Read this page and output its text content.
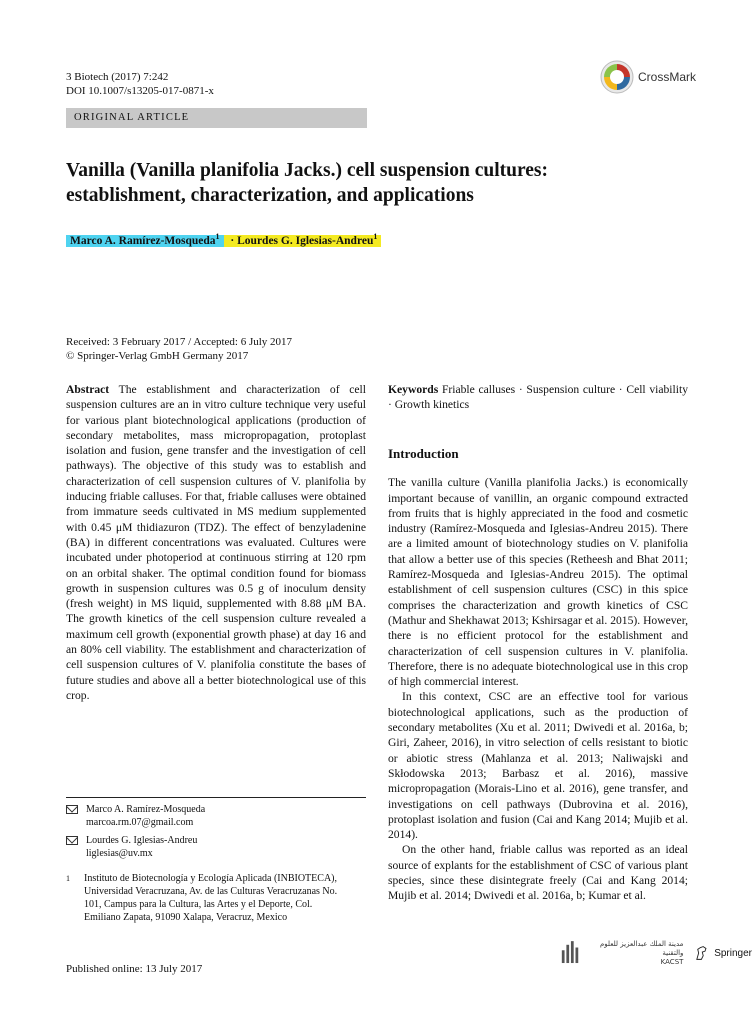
3 Biotech (2017) 7:242
DOI 10.1007/s13205-017-0871-x
CrossMark
ORIGINAL ARTICLE
Vanilla (Vanilla planifolia Jacks.) cell suspension cultures:
establishment, characterization, and applications
Marco A. Ramírez-Mosqueda$^1$ · Lourdes G. Iglesias-Andreu$^1$
Received: 3 February 2017 / Accepted: 6 July 2017
© Springer-Verlag GmbH Germany 2017

Abstract The establishment and characterization of cell suspension cultures are an in vitro culture technique very useful for various plant biotechnological applications (production of secondary metabolites, mass micropropagation, protoplast isolation and fusion, gene transfer and the investigation of cell pathways). The objective of this study was to establish and characterization of cell suspension cultures of V. planifolia by inducing friable calluses. For that, friable calluses were obtained from immature seeds cultivated in MS medium supplemented with 0.45 μM thidiazuron (TDZ). The effect of benzyladenine (BA) in different concentrations was evaluated. Cultures were incubated under photoperiod at continuous stirring at 120 rpm on an orbital shaker. The optimal condition found for biomass growth in suspension cultures was 0.5 g of inoculum density (fresh weight) in MS liquid, supplemented with 8.88 μM BA. The growth kinetics of the cell suspension culture revealed a maximum cell growth (exponential growth phase) at day 16 and an 80% cell viability. The establishment and characterization of cell suspension cultures of V. planifolia constitute the bases of future studies and above all a better biotechnological use of this crop.

Marco A. Ramírez-Mosqueda
marcoa.rm.07@gmail.com
Lourdes G. Iglesias-Andreu
liglesias@uv.mx
1 Instituto de Biotecnología y Ecología Aplicada (INBIOTECA), Universidad Veracruzana, Av. de las Culturas Veracruzanas No. 101, Campus para la Cultura, las Artes y el Deporte, Col. Emiliano Zapata, 91090 Xalapa, Veracruz, Mexico
Published online: 13 July 2017

Keywords Friable calluses · Suspension culture · Cell viability · Growth kinetics

Introduction

The vanilla culture (Vanilla planifolia Jacks.) is economically important because of vanillin, an organic compound extracted from fruits that is highly appreciated in the food and cosmetic industry (Ramírez-Mosqueda and Iglesias-Andreu 2015). There are a limited amount of biotechnology studies on V. planifolia that allow a better use of this species (Retheesh and Bhat 2011; Ramírez-Mosqueda and Iglesias-Andreu 2015). The optimal establishment of cell suspension cultures (CSC) in this spice comprises the characterization and growth kinetics of CSC (Mathur and Shekhawat 2013; Kshirsagar et al. 2015). However, there is no efficient protocol for the establishment and characterization of cell suspension cultures in V. planifolia. Therefore, there is no adequate biotechnological use in this crop of high commercial interest.

In this context, CSC are an effective tool for various biotechnological applications, such as the production of secondary metabolites (Xu et al. 2011; Dwivedi et al. 2016a, b; Giri, Zaheer, 2016), in vitro selection of cells resistant to biotic or abiotic stress (Mahlanza et al. 2013; Naliwajski and Skłodowska 2013; Barbasz et al. 2016), massive micropropagation (Morais-Lino et al. 2016), gene transfer, and investigations on cell pathways (Dubrovina et al. 2016), protoplast isolation and fusion (Cai and Kang 2014; Mujib et al. 2014).

On the other hand, friable callus was reported as an ideal source of explants for the establishment of CSC of various plant species, since these disintegrate freely (Cai and Kang 2014; Mujib et al. 2014; Dwivedi et al. 2016a, b; Kumar et al.

مدينة الملك عبدالعزيز للعلوم والتقنية
KACST
Springer
